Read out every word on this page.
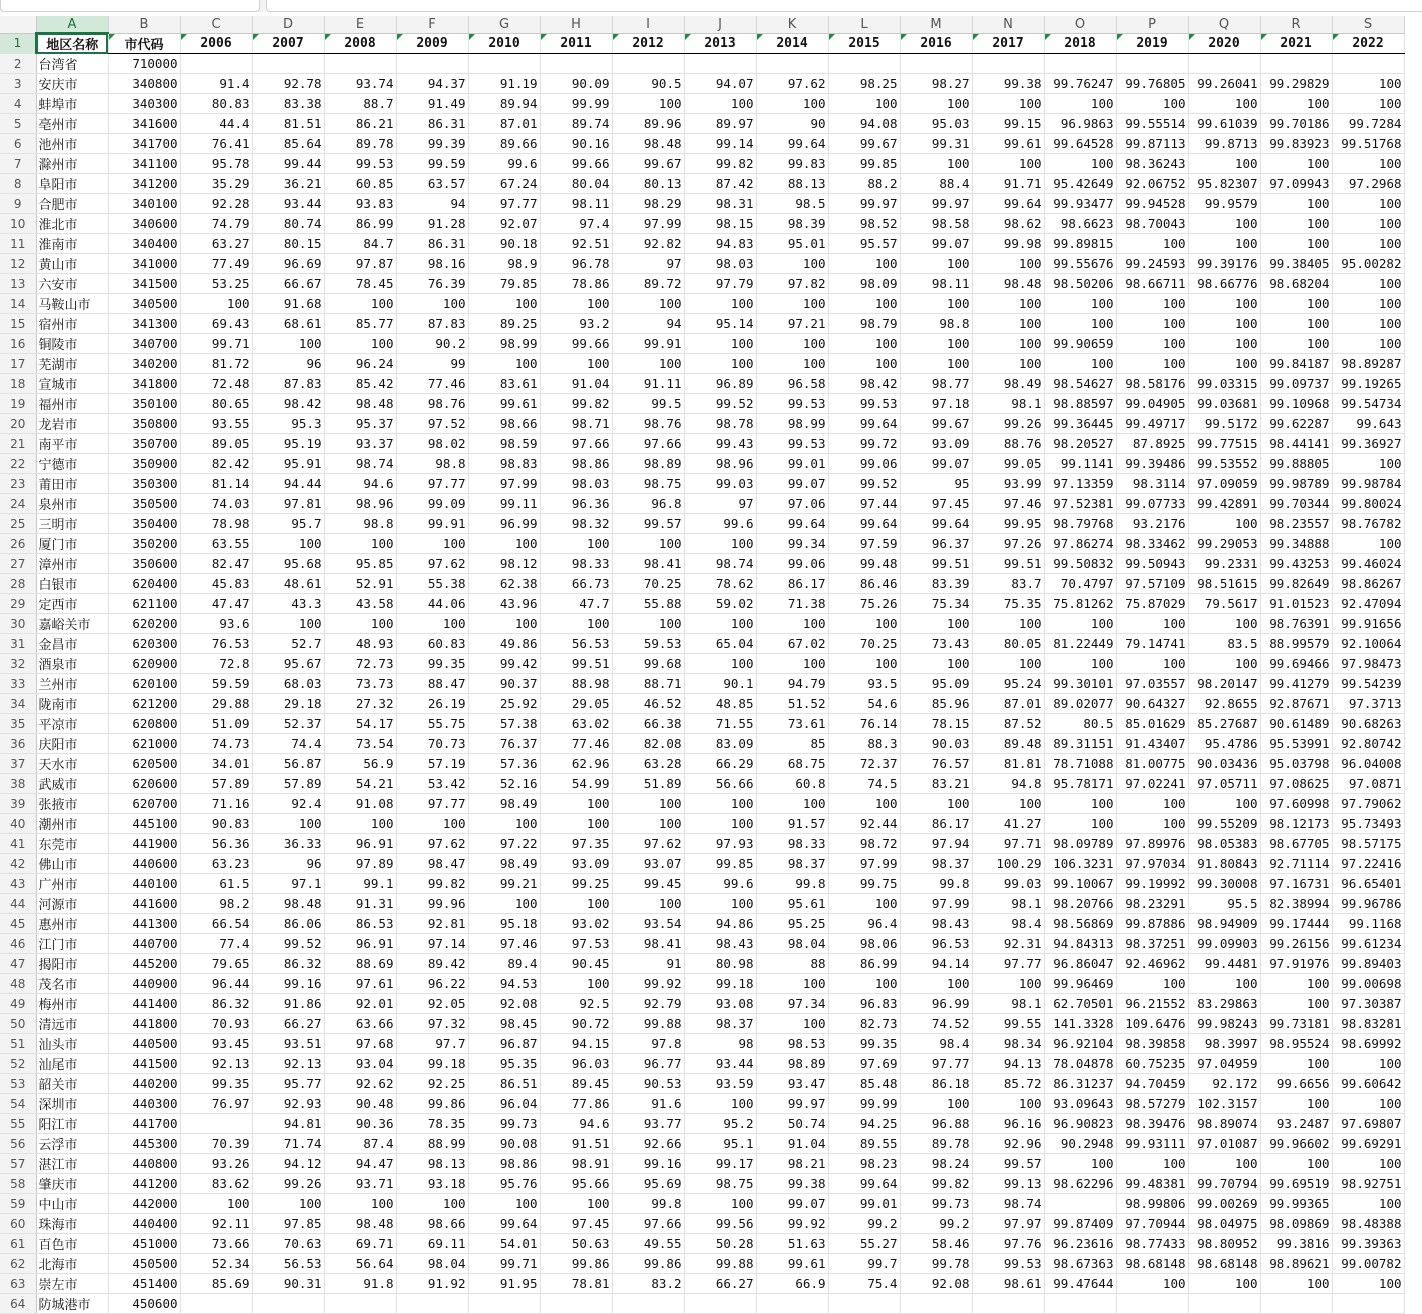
	A	B	C	D	E	F	G	H	I	J	K	L	M	N	O	P	Q	R	S
1	地区名称	市代码	2006	2007	2008	2009	2010	2011	2012	2013	2014	2015	2016	2017	2018	2019	2020	2021	2022
2	台湾省	710000																	
3	安庆市	340800	91.4	92.78	93.74	94.37	91.19	90.09	90.5	94.07	97.62	98.25	98.27	99.38	99.76247	99.76805	99.26041	99.29829	100
4	蚌埠市	340300	80.83	83.38	88.7	91.49	89.94	99.99	100	100	100	100	100	100	100	100	100	100	100
5	亳州市	341600	44.4	81.51	86.21	86.31	87.01	89.74	89.96	89.97	90	94.08	95.03	99.15	96.9863	99.55514	99.61039	99.70186	99.7284
6	池州市	341700	76.41	85.64	89.78	99.39	89.66	90.16	98.48	99.14	99.64	99.67	99.31	99.61	99.64528	99.87113	99.8713	99.83923	99.51768
7	滁州市	341100	95.78	99.44	99.53	99.59	99.6	99.66	99.67	99.82	99.83	99.85	100	100	100	98.36243	100	100	100
8	阜阳市	341200	35.29	36.21	60.85	63.57	67.24	80.04	80.13	87.42	88.13	88.2	88.4	91.71	95.42649	92.06752	95.82307	97.09943	97.2968
9	合肥市	340100	92.28	93.44	93.83	94	97.77	98.11	98.29	98.31	98.5	99.97	99.97	99.64	99.93477	99.94528	99.9579	100	100
10	淮北市	340600	74.79	80.74	86.99	91.28	92.07	97.4	97.99	98.15	98.39	98.52	98.58	98.62	98.6623	98.70043	100	100	100
11	淮南市	340400	63.27	80.15	84.7	86.31	90.18	92.51	92.82	94.83	95.01	95.57	99.07	99.98	99.89815	100	100	100	100
12	黄山市	341000	77.49	96.69	97.87	98.16	98.9	96.78	97	98.03	100	100	100	100	99.55676	99.24593	99.39176	99.38405	95.00282
13	六安市	341500	53.25	66.67	78.45	76.39	79.85	78.86	89.72	97.79	97.82	98.09	98.11	98.48	98.50206	98.66711	98.66776	98.68204	100
14	马鞍山市	340500	100	91.68	100	100	100	100	100	100	100	100	100	100	100	100	100	100	100
15	宿州市	341300	69.43	68.61	85.77	87.83	89.25	93.2	94	95.14	97.21	98.79	98.8	100	100	100	100	100	100
16	铜陵市	340700	99.71	100	100	90.2	98.99	99.66	99.91	100	100	100	100	100	99.90659	100	100	100	100
17	芜湖市	340200	81.72	96	96.24	99	100	100	100	100	100	100	100	100	100	100	100	99.84187	98.89287
18	宣城市	341800	72.48	87.83	85.42	77.46	83.61	91.04	91.11	96.89	96.58	98.42	98.77	98.49	98.54627	98.58176	99.03315	99.09737	99.19265
19	福州市	350100	80.65	98.42	98.48	98.76	99.61	99.82	99.5	99.52	99.53	99.53	97.18	98.1	98.88597	99.04905	99.03681	99.10968	99.54734
20	龙岩市	350800	93.55	95.3	95.37	97.52	98.66	98.71	98.76	98.78	98.99	99.64	99.67	99.26	99.36445	99.49717	99.5172	99.62287	99.643
21	南平市	350700	89.05	95.19	93.37	98.02	98.59	97.66	97.66	99.43	99.53	99.72	93.09	88.76	98.20527	87.8925	99.77515	98.44141	99.36927
22	宁德市	350900	82.42	95.91	98.74	98.8	98.83	98.86	98.89	98.96	99.01	99.06	99.07	99.05	99.1141	99.39486	99.53552	99.88805	100
23	莆田市	350300	81.14	94.44	94.6	97.77	97.99	98.03	98.75	99.03	99.07	99.52	95	93.99	97.13359	98.3114	97.09059	99.98789	99.98784
24	泉州市	350500	74.03	97.81	98.96	99.09	99.11	96.36	96.8	97	97.06	97.44	97.45	97.46	97.52381	99.07733	99.42891	99.70344	99.80024
25	三明市	350400	78.98	95.7	98.8	99.91	96.99	98.32	99.57	99.6	99.64	99.64	99.64	99.95	98.79768	93.2176	100	98.23557	98.76782
26	厦门市	350200	63.55	100	100	100	100	100	100	100	99.34	97.59	96.37	97.26	97.86274	98.33462	99.29053	99.34888	100
27	漳州市	350600	82.47	95.68	95.85	97.62	98.12	98.33	98.41	98.74	99.06	99.48	99.51	99.51	99.50832	99.50943	99.2331	99.43253	99.46024
28	白银市	620400	45.83	48.61	52.91	55.38	62.38	66.73	70.25	78.62	86.17	86.46	83.39	83.7	70.4797	97.57109	98.51615	99.82649	98.86267
29	定西市	621100	47.47	43.3	43.58	44.06	43.96	47.7	55.88	59.02	71.38	75.26	75.34	75.35	75.81262	75.87029	79.5617	91.01523	92.47094
30	嘉峪关市	620200	93.6	100	100	100	100	100	100	100	100	100	100	100	100	100	100	98.76391	99.91656
31	金昌市	620300	76.53	52.7	48.93	60.83	49.86	56.53	59.53	65.04	67.02	70.25	73.43	80.05	81.22449	79.14741	83.5	88.99579	92.10064
32	酒泉市	620900	72.8	95.67	72.73	99.35	99.42	99.51	99.68	100	100	100	100	100	100	100	100	99.69466	97.98473
33	兰州市	620100	59.59	68.03	73.73	88.47	90.37	88.98	88.71	90.1	94.79	93.5	95.09	95.24	99.30101	97.03557	98.20147	99.41279	99.54239
34	陇南市	621200	29.88	29.18	27.32	26.19	25.92	29.05	46.52	48.85	51.52	54.6	85.96	87.01	89.02077	90.64327	92.8655	92.87671	97.3713
35	平凉市	620800	51.09	52.37	54.17	55.75	57.38	63.02	66.38	71.55	73.61	76.14	78.15	87.52	80.5	85.01629	85.27687	90.61489	90.68263
36	庆阳市	621000	74.73	74.4	73.54	70.73	76.37	77.46	82.08	83.09	85	88.3	90.03	89.48	89.31151	91.43407	95.4786	95.53991	92.80742
37	天水市	620500	34.01	56.87	56.9	57.19	57.36	62.96	63.28	66.29	68.75	72.37	76.57	81.81	78.71088	81.00775	90.03436	95.03798	96.04008
38	武威市	620600	57.89	57.89	54.21	53.42	52.16	54.99	51.89	56.66	60.8	74.5	83.21	94.8	95.78171	97.02241	97.05711	97.08625	97.0871
39	张掖市	620700	71.16	92.4	91.08	97.77	98.49	100	100	100	100	100	100	100	100	100	100	97.60998	97.79062
40	潮州市	445100	90.83	100	100	100	100	100	100	100	91.57	92.44	86.17	41.27	100	100	99.55209	98.12173	95.73493
41	东莞市	441900	56.36	36.33	96.91	97.62	97.22	97.35	97.62	97.93	98.33	98.72	97.94	97.71	98.09789	97.89976	98.05383	98.67705	98.57175
42	佛山市	440600	63.23	96	97.89	98.47	98.49	93.09	93.07	99.85	98.37	97.99	98.37	100.29	106.3231	97.97034	91.80843	92.71114	97.22416
43	广州市	440100	61.5	97.1	99.1	99.82	99.21	99.25	99.45	99.6	99.8	99.75	99.8	99.03	99.10067	99.19992	99.30008	97.16731	96.65401
44	河源市	441600	98.2	98.48	91.31	99.96	100	100	100	100	95.61	100	97.99	98.1	98.20766	98.23291	95.5	82.38994	99.96786
45	惠州市	441300	66.54	86.06	86.53	92.81	95.18	93.02	93.54	94.86	95.25	96.4	98.43	98.4	98.56869	99.87886	98.94909	99.17444	99.1168
46	江门市	440700	77.4	99.52	96.91	97.14	97.46	97.53	98.41	98.43	98.04	98.06	96.53	92.31	94.84313	98.37251	99.09903	99.26156	99.61234
47	揭阳市	445200	79.65	86.32	88.69	89.42	89.4	90.45	91	80.98	88	86.99	94.14	97.77	96.86047	92.46962	99.4481	97.91976	99.89403
48	茂名市	440900	96.44	99.16	97.61	96.22	94.53	100	99.92	99.18	100	100	100	100	99.96469	100	100	100	99.00698
49	梅州市	441400	86.32	91.86	92.01	92.05	92.08	92.5	92.79	93.08	97.34	96.83	96.99	98.1	62.70501	96.21552	83.29863	100	97.30387
50	清远市	441800	70.93	66.27	63.66	97.32	98.45	90.72	99.88	98.37	100	82.73	74.52	99.55	141.3328	109.6476	99.98243	99.73181	98.83281
51	汕头市	440500	93.45	93.51	97.68	97.7	96.87	94.15	97.8	98	98.53	99.35	98.4	98.34	96.92104	98.39858	98.3997	98.95524	98.69992
52	汕尾市	441500	92.13	92.13	93.04	99.18	95.35	96.03	96.77	93.44	98.89	97.69	97.77	94.13	78.04878	60.75235	97.04959	100	100
53	韶关市	440200	99.35	95.77	92.62	92.25	86.51	89.45	90.53	93.59	93.47	85.48	86.18	85.72	86.31237	94.70459	92.172	99.6656	99.60642
54	深圳市	440300	76.97	92.93	90.48	99.86	96.04	77.86	91.6	100	99.97	99.99	100	100	93.09643	98.57279	102.3157	100	100
55	阳江市	441700		94.81	90.36	78.35	99.73	94.6	93.77	95.2	50.74	94.25	96.88	96.16	96.90823	98.39476	98.89074	93.2487	97.69807
56	云浮市	445300	70.39	71.74	87.4	88.99	90.08	91.51	92.66	95.1	91.04	89.55	89.78	92.96	90.2948	99.93111	97.01087	99.96602	99.69291
57	湛江市	440800	93.26	94.12	94.47	98.13	98.86	98.91	99.16	99.17	98.21	98.23	98.24	99.57	100	100	100	100	100
58	肇庆市	441200	83.62	99.26	93.71	93.18	95.76	95.66	95.69	98.75	99.38	99.64	99.82	99.13	98.62296	99.48381	99.70794	99.69519	98.92751
59	中山市	442000	100	100	100	100	100	100	99.8	100	99.07	99.01	99.73	98.74		98.99806	99.00269	99.99365	100
60	珠海市	440400	92.11	97.85	98.48	98.66	99.64	97.45	97.66	99.56	99.92	99.2	99.2	97.97	99.87409	97.70944	98.04975	98.09869	98.48388
61	百色市	451000	73.66	70.63	69.71	69.11	54.01	50.63	49.55	50.28	51.63	55.27	58.46	97.76	96.23616	98.77433	98.80952	99.3816	99.39363
62	北海市	450500	52.34	56.53	56.64	98.04	99.71	99.86	99.86	99.88	99.61	99.7	99.78	99.53	98.67363	98.68148	98.68148	98.89621	99.00782
63	崇左市	451400	85.69	90.31	91.8	91.92	91.95	78.81	83.2	66.27	66.9	75.4	92.08	98.61	99.47644	100	100	100	100
64	防城港市	450600																	
